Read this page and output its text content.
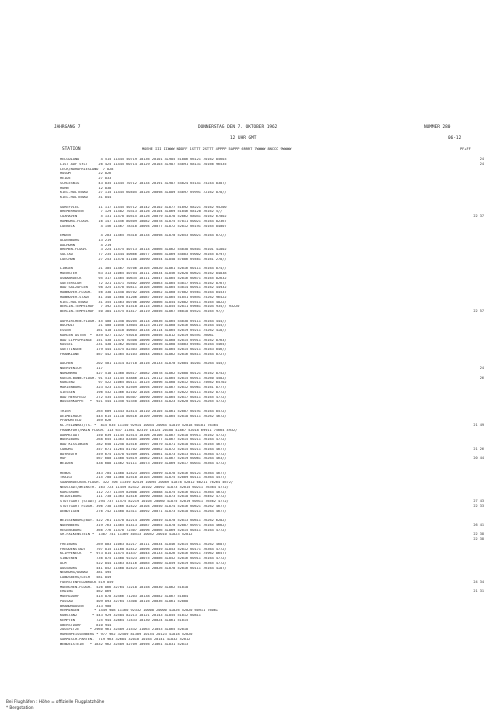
JAHRGANG 7	DONNERSTAG DEN 7. OKTOBER 1962	NUMMER 280
12 UHR GMT	06-12
STATION	MOEHE III IIWWW NDDFF 1STTT 2STTT 4PPPP 5APPP 6RRRT 7WWWW 8NCCC 9WWWW	PF+FF
HELGOLAND          4 515 11445 50719 10136 20101 4+985 51086 66121 70162 85603	24
LIST AUF SYLT     26 425 11445 60714 10129 20103 4+987 54091 68131 70166 96535	24
LECK/NORDFRIESLAND  7 828
HUSUM             22 826
HEIDE             27 833
SCHLESWIG         43 835 11445 70712 10134 20191 4+987 54024 65141 75244 8387/
HOHN              12 838
KIEL-HOLTENAU     27 115 11445 60405 10126 20098 4+889 54097 69991 72162 878//
KIEL-HOLTENAU     31 844
GOREFVIEL         11 117 11445 50712 10142 20102 4+877 51092 68221 70162 95200
BREMERHAVEN        7 129 11482 70313 10126 20104 4+869 51046 68120 76162 5//
CUXHAVEN           5 131 11470 40515 10126 20079 4+878 52062 68041 70162 67002	22 37
HAMBURG-FLUGH.    16 147 11456 80509 10082 20078 4+875 57011 60021 76164 82367
LUEBECK            4 156 11467 78310 10094 20077 4+872 52012 66191 70165 84007
EMDEN              4 203 11465 76310 10134 20098 4+870 52053 60021 76164 072//
OLDENBURG         13 219
DALHORN            4 219
BREMEN-FLUGH.      3 224 11575 40713 10114 20066 4+862 54038 60401 76101 4+802
SOLTAU            77 235 11444 40666 10077 20066 4+869 54003 69002 76165 8797/
LUECHOW           27 253 11578 41108 10090 20054 4+858 57006 69461 76161 278//
LINGEN            21 305 11467 70706 10105 20020 4+861 52016 60111 76164 874//
MUENSTER          63 313 11065 40704 10111 20034 4+856 52028 60621 76162 84838
OSNABRUECK        95 317 11465 40635 10111 20047 4+865 52016 60671 76165 82632
GUETERSLOH        72 321 11471 70402 10099 20063 4+865 53017 69911 76162 8767/
BAD SALZUFLEN     98 325 11570 50411 10105 20066 4+865 53014 60911 76162 44932
HANNOVER-FLUGH.   56 338 11458 80702 10094 20062 4+860 57002 69561 76164 04537
HANNOVER-STADT    41 348 11568 81206 10087 20049 4+865 51051 69891 75262 96522
KIEL-HOLTENAU     31 355 11463 80706 10090 20066 4+854 52082 69511 76165 4822/
BERLIN-TEMPELHOF   7 392 11570 81510 10115 20063 4+855 52011 69661 76104 935// 93220
BERLIN-TEMPELHOF  50 384 11575 81417 10119 20056 4+867 56018 69521 76165 97//	22 57
AUFKIRCHEN-FLUGH. 45 400 11358 80205 10114 20036 4+865 54038 69111 76164 444//
BOCHOLT           21 400 11050 43604 10123 20119 4+860 52016 60011 76164 445//
ESSEN            161 410 11410 40603 10134 20114 4+865 52019 69211 75262 4+8//
KAHLEN ASTEN  *  839 427 11327 93010 10056 20056 4+812 52019 60391 7606+
BAD LIPPSPRINGE  151 430 11470 70300 10096 20060 4+860 52015 69911 76162 8763/
KASSEL           231 438 11362 80304 10072 20056 4+868 54003 69561 76164 5465/
GOETTINGEN       179 444 11475 82303 10085 20046 4+865 52015 60211 76163 046//
FRANKLANE        467 442 11365 82103 10044 20003 4+862 52016 60411 76164 8727/
AACHEN           202 501 11314 82710 10116 20133 4+870 52004 40201 76264 445//
NOERVENICH       117	24
NORDNRHO         427 518 11360 80517 10082 20078 4+862 52008 60121 76162 8752/
KOELN-BONN-FLUGH. 91 513 11145 83886 10121 20112 4+865 52015 60911 76260 4582/	26
KOBLENZ           97 522 11065 80111 10125 20096 4+868 52012 60211 75662 65702
MARIENBURG       323 523 11470 82509 10094 20059 4+867 52012 60961 76161 8777/
GIESSEN          196 532 11366 82102 10104 20093 4+867 52022 60111 76162 8772/
BAD HERSFELD     272 535 11454 80307 10090 20069 4+865 52017 60411 76165 4772/
WASSERKUPPE   *  921 544 11350 92350 10054 20053 4+823 52020 60121 76265 4772/
TRIER            265 609 11443 82414 10110 20105 4+861 52007 60191 76164 8572/
DEIMELHACH       445 615 11118 80516 10109 20096 4+865 52018 60111 76262 4672/
PFAHORTELD       169 626
KL.FELDNRAT/TS. *  815 635 11150 92914 10044 20064 4+819 52018 60101 76364	21 49
FRANKFURT/MAIN FLUGH. 113 637 11361 82319 10124 20108 4+867 52018 69911 75664 4932/
DARMSTADT        150 639 11145 82514 10106 20106 4+867 52018 69911 76162 4772/
WUERZBURG        268 655 11363 83405 10096 20077 4+867 52015 60211 76164 4772/
BAD KISSINGEN    282 658 11258 82516 10097 20079 4+871 52018 60111 76165 4677/
COBURG           357 671 11264 81702 10090 20062 4+872 52015 60211 76164 4677/	21 26
BAYREUTH         359 675 11470 92509 10091 20061 4+873 52013 60111 76364 4772/
HOF              567 680 11460 92619 10062 20053 4+867 52019 60061 76264 463//	20 44
WEIDEN           438 688 11462 92111 10073 20049 4+869 52017 60031 76364 4772/
HENUS            343 704 11468 42423 10093 20099 4+878 52016 60121 76364 4677/
TRAIGT           215 700 11368 82510 10103 20086 4+875 52009 60111 76364 4577/
SAARBRUECKEN-FLUGH. 322 706 11359 82419 10095 20089 4+878 52012 60211 76264 4672/
NEUSTADT/WEINSTR. 163 723 11459 82412 10102 20092 4+873 52015 60211 76364 4772/
KARLSRUHE        112 727 11359 82608 10095 20088 4+875 52016 60211 76364 4672/
HEIDELBURG       111 730 11363 82416 10090 20088 4+873 52018 60611 76462 4772/
STUTTGART (STADT) 294 737 11575 82219 10105 20060 4+875 52019 60911 76562 4772/	27 43
STUTTGART FLUGH. 396 738 11566 82422 10104 20050 4+874 52016 60621 76262 4677/	22 33
DENDTIGEN        276 742 11468 82311 10092 20071 4+873 52018 60211 76264 4677/
WEISSENBURG/BAY. 422 761 11470 82214 10096 20049 4+870 52013 60611 76262 6282/
NUERNBERG        319 763 11465 81413 10087 20065 4+870 52007 60971 76164 4662/	26 41
REGENSBURG       366 776 11470 72307 10096 20066 4+869 52015 60411 76164 4772/
GR.FALKENSTEIN *  1307 741 11369 40513 10052 20010 4+823 52012	22 38
22 38
FREIBURG         269 803 11063 82217 10111 20034 4+846 52015 60911 76262 4687/
FREUDENSTADT     797 815 11160 82412 10096 20049 4+853 52012 60171 76364 4772/
KLIPPENECK    *  973 814 11475 81437 10044 20133 4+826 52016 60911 75962 86577
SINDTNEN         736 875 11468 92323 10075 20086 4+852 52016 60911 76164 4772/
ULM              522 844 11463 83116 10085 20060 4+859 52019 60321 76365 4772/
AUGSBURG         441 852 11468 82423 10114 20026 4+878 52016 60111 76164 4+87/
NEUBURG/DONAU    381 495
LANDSBERG/LECH   581 849
FUERSTENFELDBRUCK 519 859	24 34
MUENCHEN-FLUGH.  526 866 32764 72218 10158 20030 4+862 51018
ERDING           462 869	21 31
MUEHLDORF        415 878 32466 71203 10138 20082 4+867 51004
PASSAU           409 893 32764 73308 10116 20036 4+861 52008
BRANDHAUSEN      313 900
REHMINGEN       * 1449 908 11160 92332 10008 20000 4+826 52020 60911 7606+
KONSTANZ       * 443 929 32584 82213 10121 20143 4+855 51012 60811
KEMPTEN          725 944 32864 72433 10130 20024 4+861 51015
OBERSTDORF       810 944
ZUGSPITZE     * 2960 961 32489 21532 11063 21053 4+865 52018
HOHENPEISSENBERG * 977 962 32589 81309 10154 20123 4+818 52020
GARMISCH-PARTEN.  719 963 32684 32010 10164 20141 4+832 52012
WENDELSTEIN   * 1832 962 32589 42709 10956 21061 4+831 52013
Bei Flughäfen : Höhe = offizielle Flugplatzhöhe
* Bergstation
